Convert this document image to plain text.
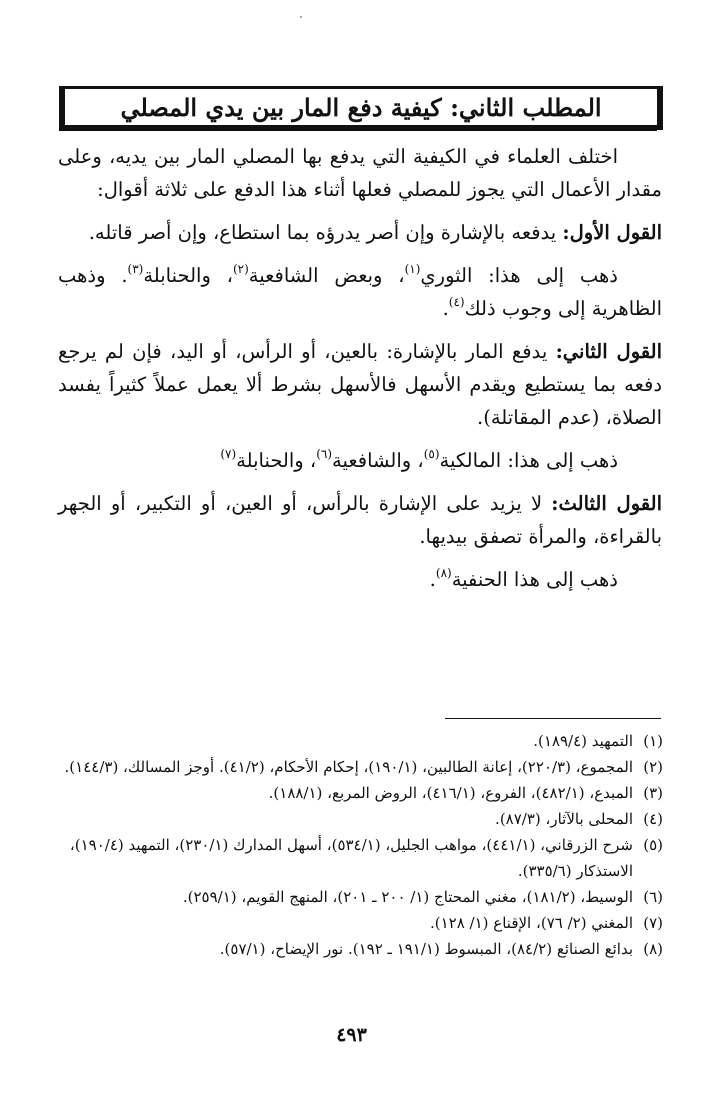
المطلب الثاني: كيفية دفع المار بين يدي المصلي

اختلف العلماء في الكيفية التي يدفع بها المصلي المار بين يديه، وعلى مقدار الأعمال التي يجوز للمصلي فعلها أثناء هذا الدفع على ثلاثة أقوال:

القول الأول: يدفعه بالإشارة وإن أصر يدرؤه بما استطاع، وإن أصر قاتله.

ذهب إلى هذا: الثوري$^{(١)}$، وبعض الشافعية$^{(٢)}$، والحنابلة$^{(٣)}$. وذهب الظاهرية إلى وجوب ذلك$^{(٤)}$.

القول الثاني: يدفع المار بالإشارة: بالعين، أو الرأس، أو اليد، فإن لم يرجع دفعه بما يستطيع ويقدم الأسهل فالأسهل بشرط ألا يعمل عملاً كثيراً يفسد الصلاة، (عدم المقاتلة).

ذهب إلى هذا: المالكية$^{(٥)}$، والشافعية$^{(٦)}$، والحنابلة$^{(٧)}$

القول الثالث: لا يزيد على الإشارة بالرأس، أو العين، أو التكبير، أو الجهر بالقراءة، والمرأة تصفق بيديها.

ذهب إلى هذا الحنفية$^{(٨)}$.

(١)
التمهيد (١٨٩/٤).
(٢)
المجموع، (٢٢٠/٣)، إعانة الطالبين، (١٩٠/١)، إحكام الأحكام، (٤١/٢). أوجز المسالك، (١٤٤/٣).
(٣)
المبدع، (٤٨٢/١)، الفروع، (٤١٦/١)، الروض المربع، (١٨٨/١).
(٤)
المحلى بالآثار، (٨٧/٣).
(٥)
شرح الزرقاني، (٤٤١/١)، مواهب الجليل، (٥٣٤/١)، أسهل المدارك (٢٣٠/١)، التمهيد (١٩٠/٤)، الاستذكار (٣٣٥/٦).
(٦)
الوسيط، (١٨١/٢)، مغني المحتاج (١/ ٢٠٠ ـ ٢٠١)، المنهج القويم، (٢٥٩/١).
(٧)
المغني (٢/ ٧٦)، الإقناع (١/ ١٢٨).
(٨)
بدائع الصنائع (٨٤/٢)، المبسوط (١٩١/١ ـ ١٩٢). نور الإيضاح، (٥٧/١).
٤٩٣
